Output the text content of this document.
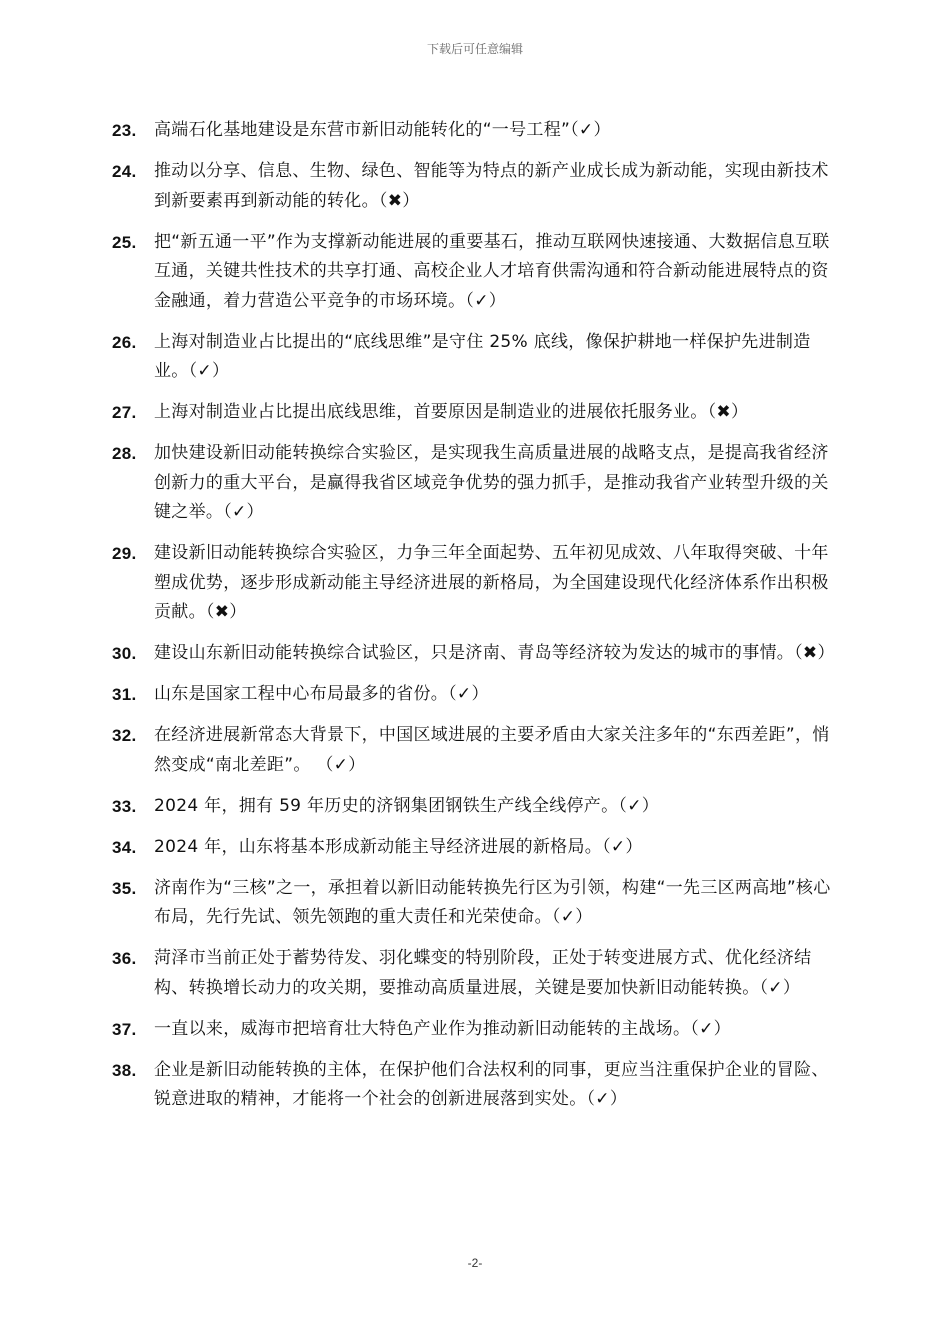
下载后可任意编辑
23. 高端石化基地建设是东营市新旧动能转化的“一号工程”（✓）
24. 推动以分享、信息、生物、绿色、智能等为特点的新产业成长成为新动能，实现由新技术到新要素再到新动能的转化。（✖）
25. 把“新五通一平”作为支撑新动能进展的重要基石，推动互联网快速接通、大数据信息互联互通，关键共性技术的共享打通、高校企业人才培育供需沟通和符合新动能进展特点的资金融通，着力营造公平竞争的市场环境。（✓）
26. 上海对制造业占比提出的“底线思维”是守住 25% 底线，像保护耕地一样保护先进制造业。（✓）
27. 上海对制造业占比提出底线思维，首要原因是制造业的进展依托服务业。（✖）
28. 加快建设新旧动能转换综合实验区，是实现我生高质量进展的战略支点，是提高我省经济创新力的重大平台，是赢得我省区域竞争优势的强力抓手，是推动我省产业转型升级的关键之举。（✓）
29. 建设新旧动能转换综合实验区，力争三年全面起势、五年初见成效、八年取得突破、十年塑成优势，逐步形成新动能主导经济进展的新格局，为全国建设现代化经济体系作出积极贡献。（✖）
30. 建设山东新旧动能转换综合试验区，只是济南、青岛等经济较为发达的城市的事情。（✖）
31. 山东是国家工程中心布局最多的省份。（✓）
32. 在经济进展新常态大背景下，中国区域进展的主要矛盾由大家关注多年的“东西差距”，悄然变成“南北差距”。 （✓）
33. 2024 年，拥有 59 年历史的济钢集团钢铁生产线全线停产。（✓）
34. 2024 年，山东将基本形成新动能主导经济进展的新格局。（✓）
35. 济南作为“三核”之一，承担着以新旧动能转换先行区为引领，构建“一先三区两高地”核心布局，先行先试、领先领跑的重大责任和光荣使命。（✓）
36. 菏泽市当前正处于蓄势待发、羽化蝶变的特别阶段，正处于转变进展方式、优化经济结构、转换增长动力的攻关期，要推动高质量进展，关键是要加快新旧动能转换。（✓）
37. 一直以来，威海市把培育壮大特色产业作为推动新旧动能转的主战场。（✓）
38. 企业是新旧动能转换的主体，在保护他们合法权利的同事，更应当注重保护企业的冒险、锐意进取的精神，才能将一个社会的创新进展落到实处。（✓）
-2-
